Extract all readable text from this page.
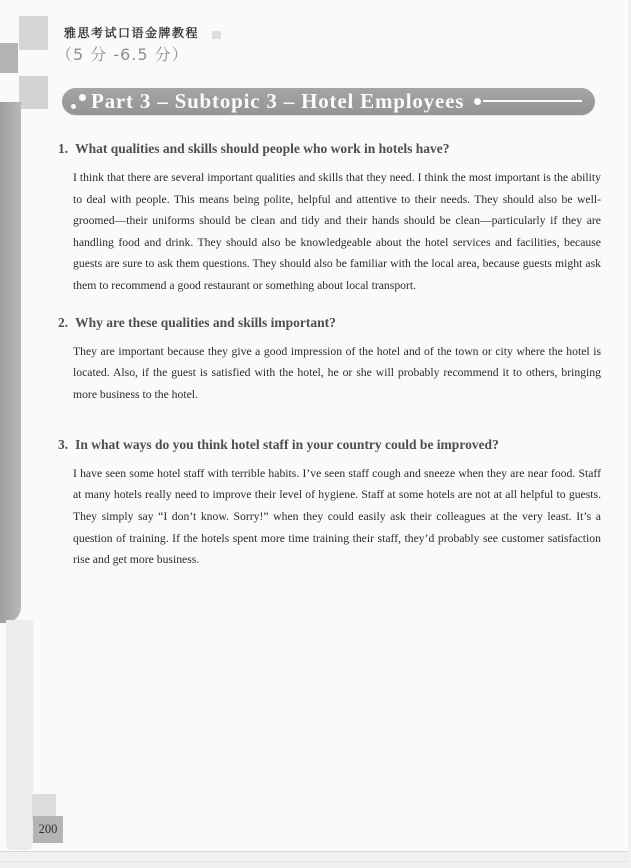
200
雅思考试口语金牌教程
（5 分 -6.5 分）
Part 3 – Subtopic 3 – Hotel Employees
1. What qualities and skills should people who work in hotels have?
I think that there are several important qualities and skills that they need. I think the most important is the ability to deal with people. This means being polite, helpful and attentive to their needs. They should also be well-groomed—their uniforms should be clean and tidy and their hands should be clean—particularly if they are handling food and drink. They should also be knowledgeable about the hotel services and facilities, because guests are sure to ask them questions. They should also be familiar with the local area, because guests might ask them to recommend a good restaurant or something about local transport.
2. Why are these qualities and skills important?
They are important because they give a good impression of the hotel and of the town or city where the hotel is located. Also, if the guest is satisfied with the hotel, he or she will probably recommend it to others, bringing more business to the hotel.
3. In what ways do you think hotel staff in your country could be improved?
I have seen some hotel staff with terrible habits. I’ve seen staff cough and sneeze when they are near food. Staff at many hotels really need to improve their level of hygiene. Staff at some hotels are not at all helpful to guests. They simply say “I don’t know. Sorry!” when they could easily ask their colleagues at the very least. It’s a question of training. If the hotels spent more time training their staff, they’d probably see customer satisfaction rise and get more business.
